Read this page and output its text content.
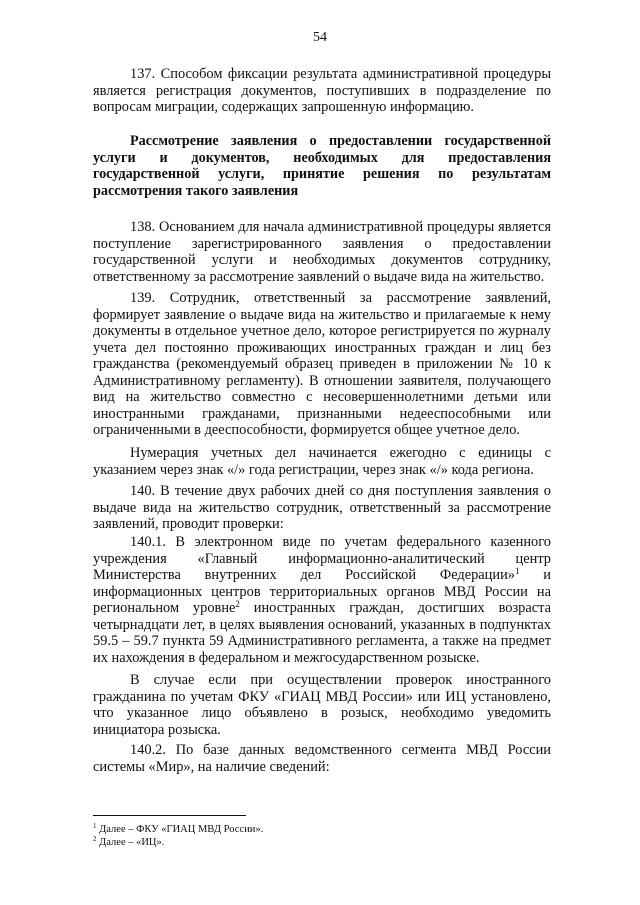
54

137. Способом фиксации результата административной процедуры является регистрация документов, поступивших в подразделение по вопросам миграции, содержащих запрошенную информацию.

Рассмотрение заявления о предоставлении государственной услуги и документов, необходимых для предоставления государственной услуги, принятие решения по результатам рассмотрения такого заявления

138. Основанием для начала административной процедуры является поступление зарегистрированного заявления о предоставлении государственной услуги и необходимых документов сотруднику, ответственному за рассмотрение заявлений о выдаче вида на жительство.

139. Сотрудник, ответственный за рассмотрение заявлений, формирует заявление о выдаче вида на жительство и прилагаемые к нему документы в отдельное учетное дело, которое регистрируется по журналу учета дел постоянно проживающих иностранных граждан и лиц без гражданства (рекомендуемый образец приведен в приложении № 10 к Административному регламенту). В отношении заявителя, получающего вид на жительство совместно с несовершеннолетними детьми или иностранными гражданами, признанными недееспособными или ограниченными в дееспособности, формируется общее учетное дело.

Нумерация учетных дел начинается ежегодно с единицы с указанием через знак «/» года регистрации, через знак «/» кода региона.

140. В течение двух рабочих дней со дня поступления заявления о выдаче вида на жительство сотрудник, ответственный за рассмотрение заявлений, проводит проверки:

140.1. В электронном виде по учетам федерального казенного учреждения «Главный информационно-аналитический центр Министерства внутренних дел Российской Федерации»$^1$ и информационных центров территориальных органов МВД России на региональном уровне$^2$ иностранных граждан, достигших возраста четырнадцати лет, в целях выявления оснований, указанных в подпунктах 59.5 – 59.7 пункта 59 Административного регламента, а также на предмет их нахождения в федеральном и межгосударственном розыске.

В случае если при осуществлении проверок иностранного гражданина по учетам ФКУ «ГИАЦ МВД России» или ИЦ установлено, что указанное лицо объявлено в розыск, необходимо уведомить инициатора розыска.

140.2. По базе данных ведомственного сегмента МВД России системы «Мир», на наличие сведений:

$^1$ Далее – ФКУ «ГИАЦ МВД России».

$^2$ Далее – «ИЦ».
